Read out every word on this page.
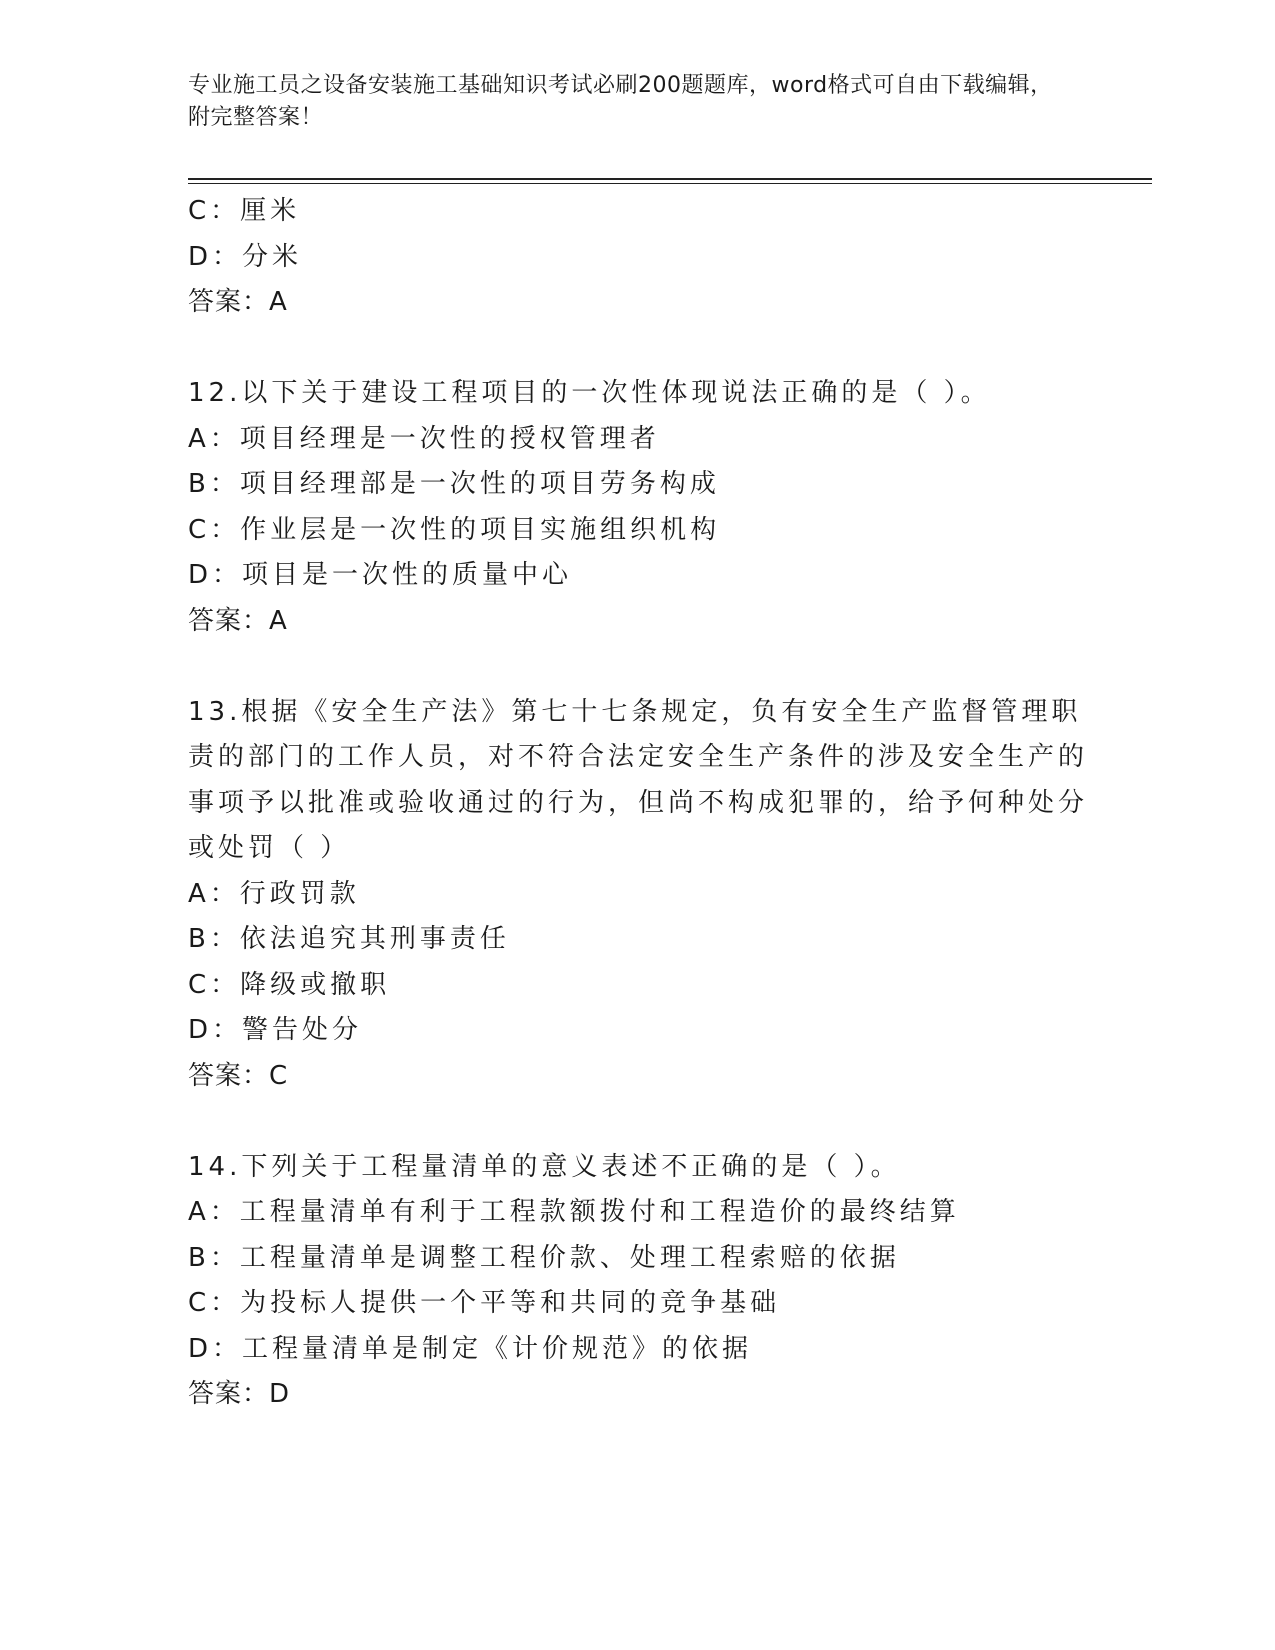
专业施工员之设备安装施工基础知识考试必刷200题题库，word格式可自由下载编辑，附完整答案！
C：厘米
D：分米
答案：A
12.以下关于建设工程项目的一次性体现说法正确的是（ ）。
A：项目经理是一次性的授权管理者
B：项目经理部是一次性的项目劳务构成
C：作业层是一次性的项目实施组织机构
D：项目是一次性的质量中心
答案：A
13.根据《安全生产法》第七十七条规定，负有安全生产监督管理职责的部门的工作人员，对不符合法定安全生产条件的涉及安全生产的事项予以批准或验收通过的行为，但尚不构成犯罪的，给予何种处分或处罚（ ）
A：行政罚款
B：依法追究其刑事责任
C：降级或撤职
D：警告处分
答案：C
14.下列关于工程量清单的意义表述不正确的是（ ）。
A：工程量清单有利于工程款额拨付和工程造价的最终结算
B：工程量清单是调整工程价款、处理工程索赔的依据
C：为投标人提供一个平等和共同的竞争基础
D：工程量清单是制定《计价规范》的依据
答案：D
